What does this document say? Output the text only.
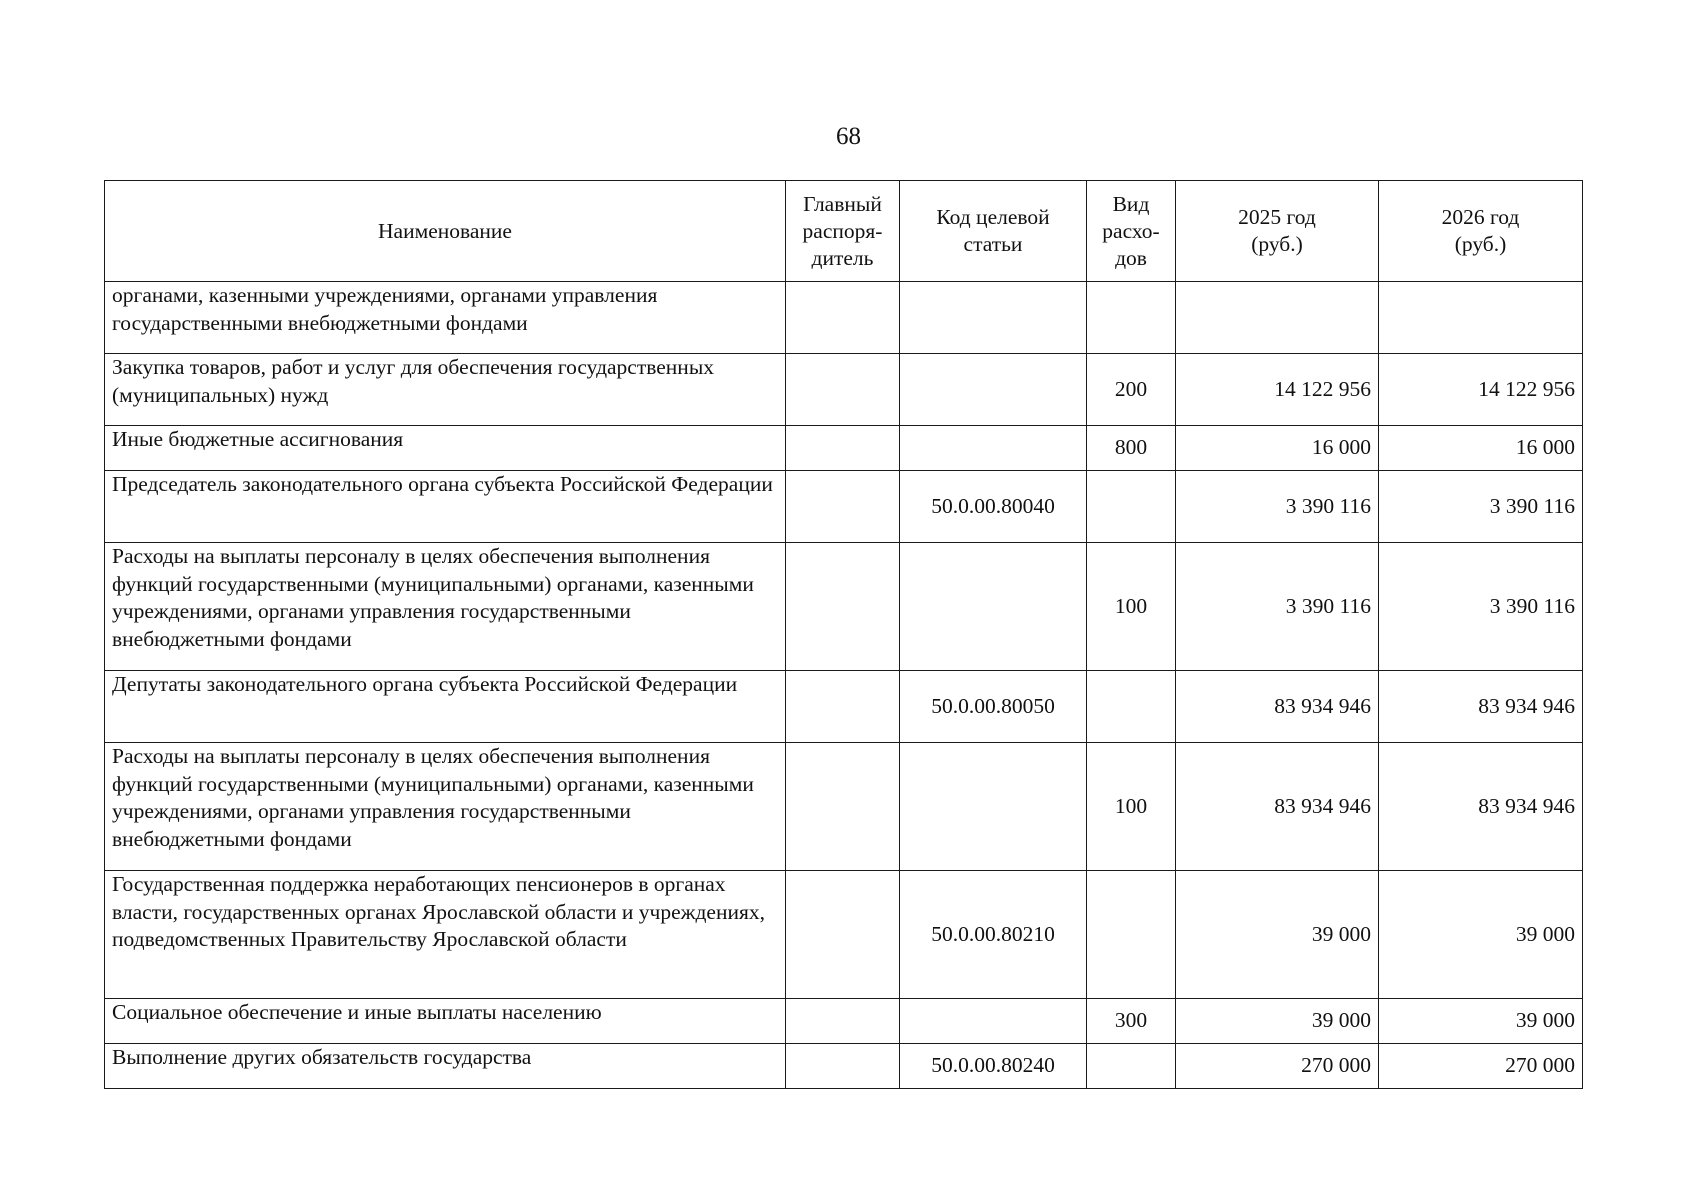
68
Наименование	Главный распоря-дитель	Код целевой статьи	Вид расхо-дов	2025 год (руб.)	2026 год (руб.)
органами, казенными учреждениями, органами управления государственными внебюджетными фондами					
Закупка товаров, работ и услуг для обеспечения государственных (муниципальных) нужд			200	14 122 956	14 122 956
Иные бюджетные ассигнования			800	16 000	16 000
Председатель законодательного органа субъекта Российской Федерации		50.0.00.80040		3 390 116	3 390 116
Расходы на выплаты персоналу в целях обеспечения выполнения функций государственными (муниципальными) органами, казенными учреждениями, органами управления государственными внебюджетными фондами			100	3 390 116	3 390 116
Депутаты законодательного органа субъекта Российской Федерации		50.0.00.80050		83 934 946	83 934 946
Расходы на выплаты персоналу в целях обеспечения выполнения функций государственными (муниципальными) органами, казенными учреждениями, органами управления государственными внебюджетными фондами			100	83 934 946	83 934 946
Государственная поддержка неработающих пенсионеров в органах власти, государственных органах Ярославской области и учреждениях, подведомственных Правительству Ярославской области		50.0.00.80210		39 000	39 000
Социальное обеспечение и иные выплаты населению			300	39 000	39 000
Выполнение других обязательств государства		50.0.00.80240		270 000	270 000
